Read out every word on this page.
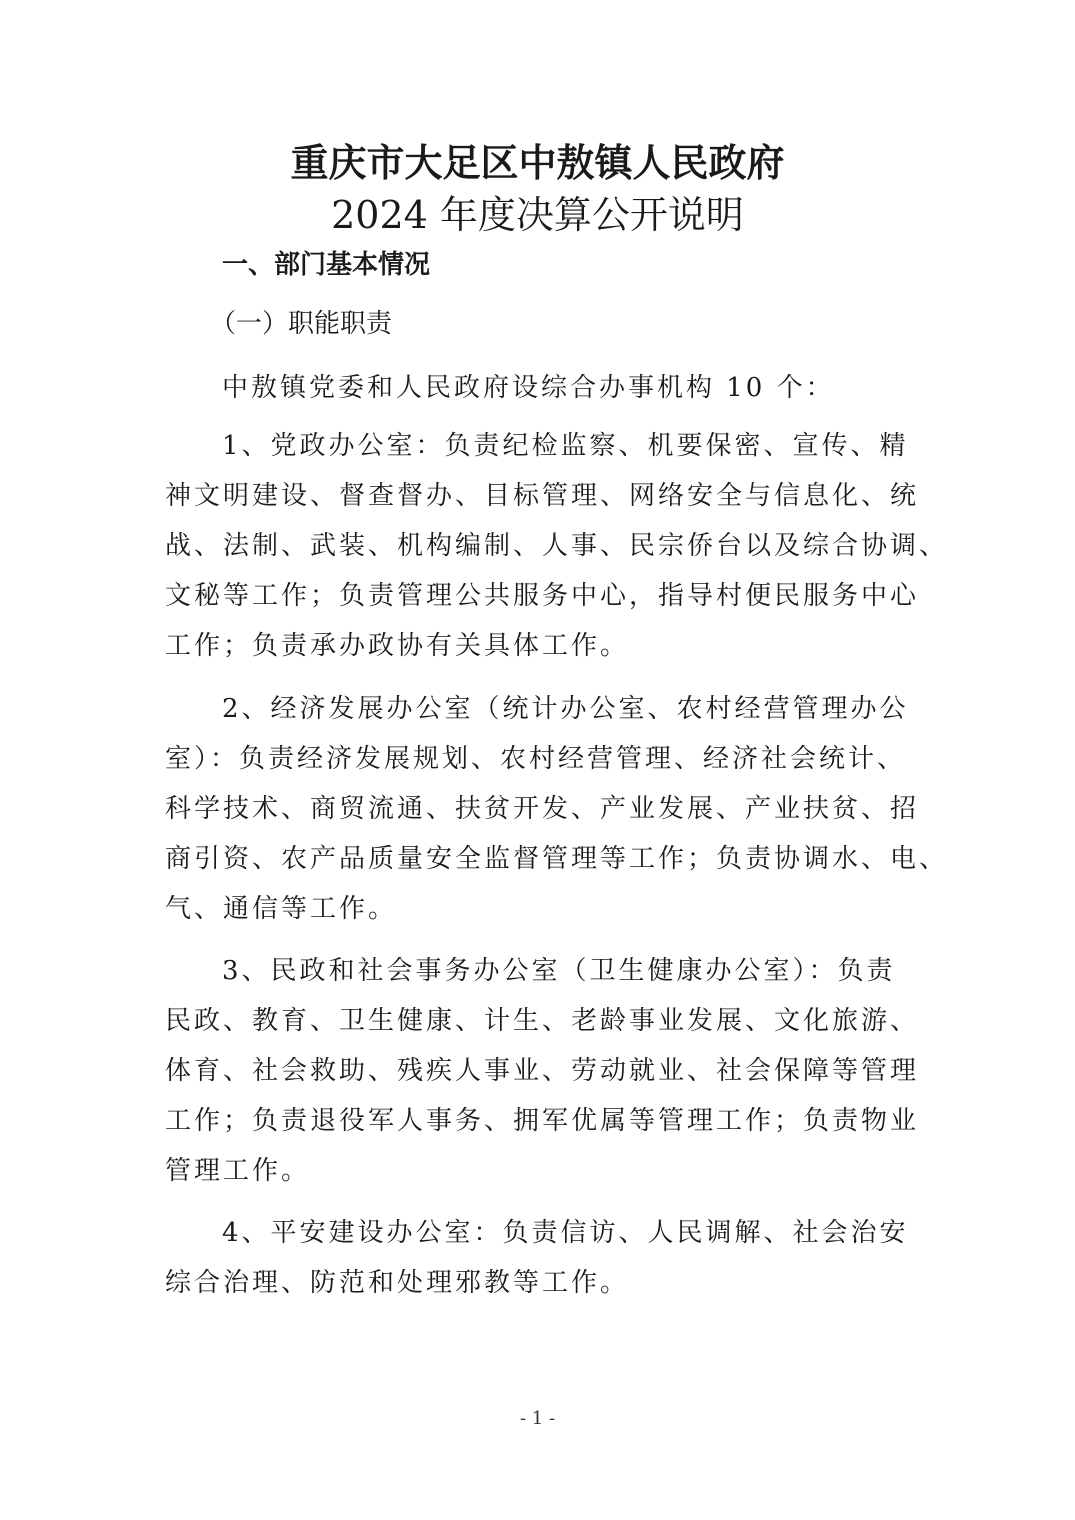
重庆市大足区中敖镇人民政府
2024 年度决算公开说明
一、部门基本情况
（一）职能职责
中敖镇党委和人民政府设综合办事机构 10 个：
1、党政办公室：负责纪检监察、机要保密、宣传、精
神文明建设、督查督办、目标管理、网络安全与信息化、统
战、法制、武装、机构编制、人事、民宗侨台以及综合协调、
文秘等工作；负责管理公共服务中心，指导村便民服务中心
工作；负责承办政协有关具体工作。
2、经济发展办公室（统计办公室、农村经营管理办公
室）：负责经济发展规划、农村经营管理、经济社会统计、
科学技术、商贸流通、扶贫开发、产业发展、产业扶贫、招
商引资、农产品质量安全监督管理等工作；负责协调水、电、
气、通信等工作。
3、民政和社会事务办公室（卫生健康办公室）：负责
民政、教育、卫生健康、计生、老龄事业发展、文化旅游、
体育、社会救助、残疾人事业、劳动就业、社会保障等管理
工作；负责退役军人事务、拥军优属等管理工作；负责物业
管理工作。
4、平安建设办公室：负责信访、人民调解、社会治安
综合治理、防范和处理邪教等工作。
- 1 -
